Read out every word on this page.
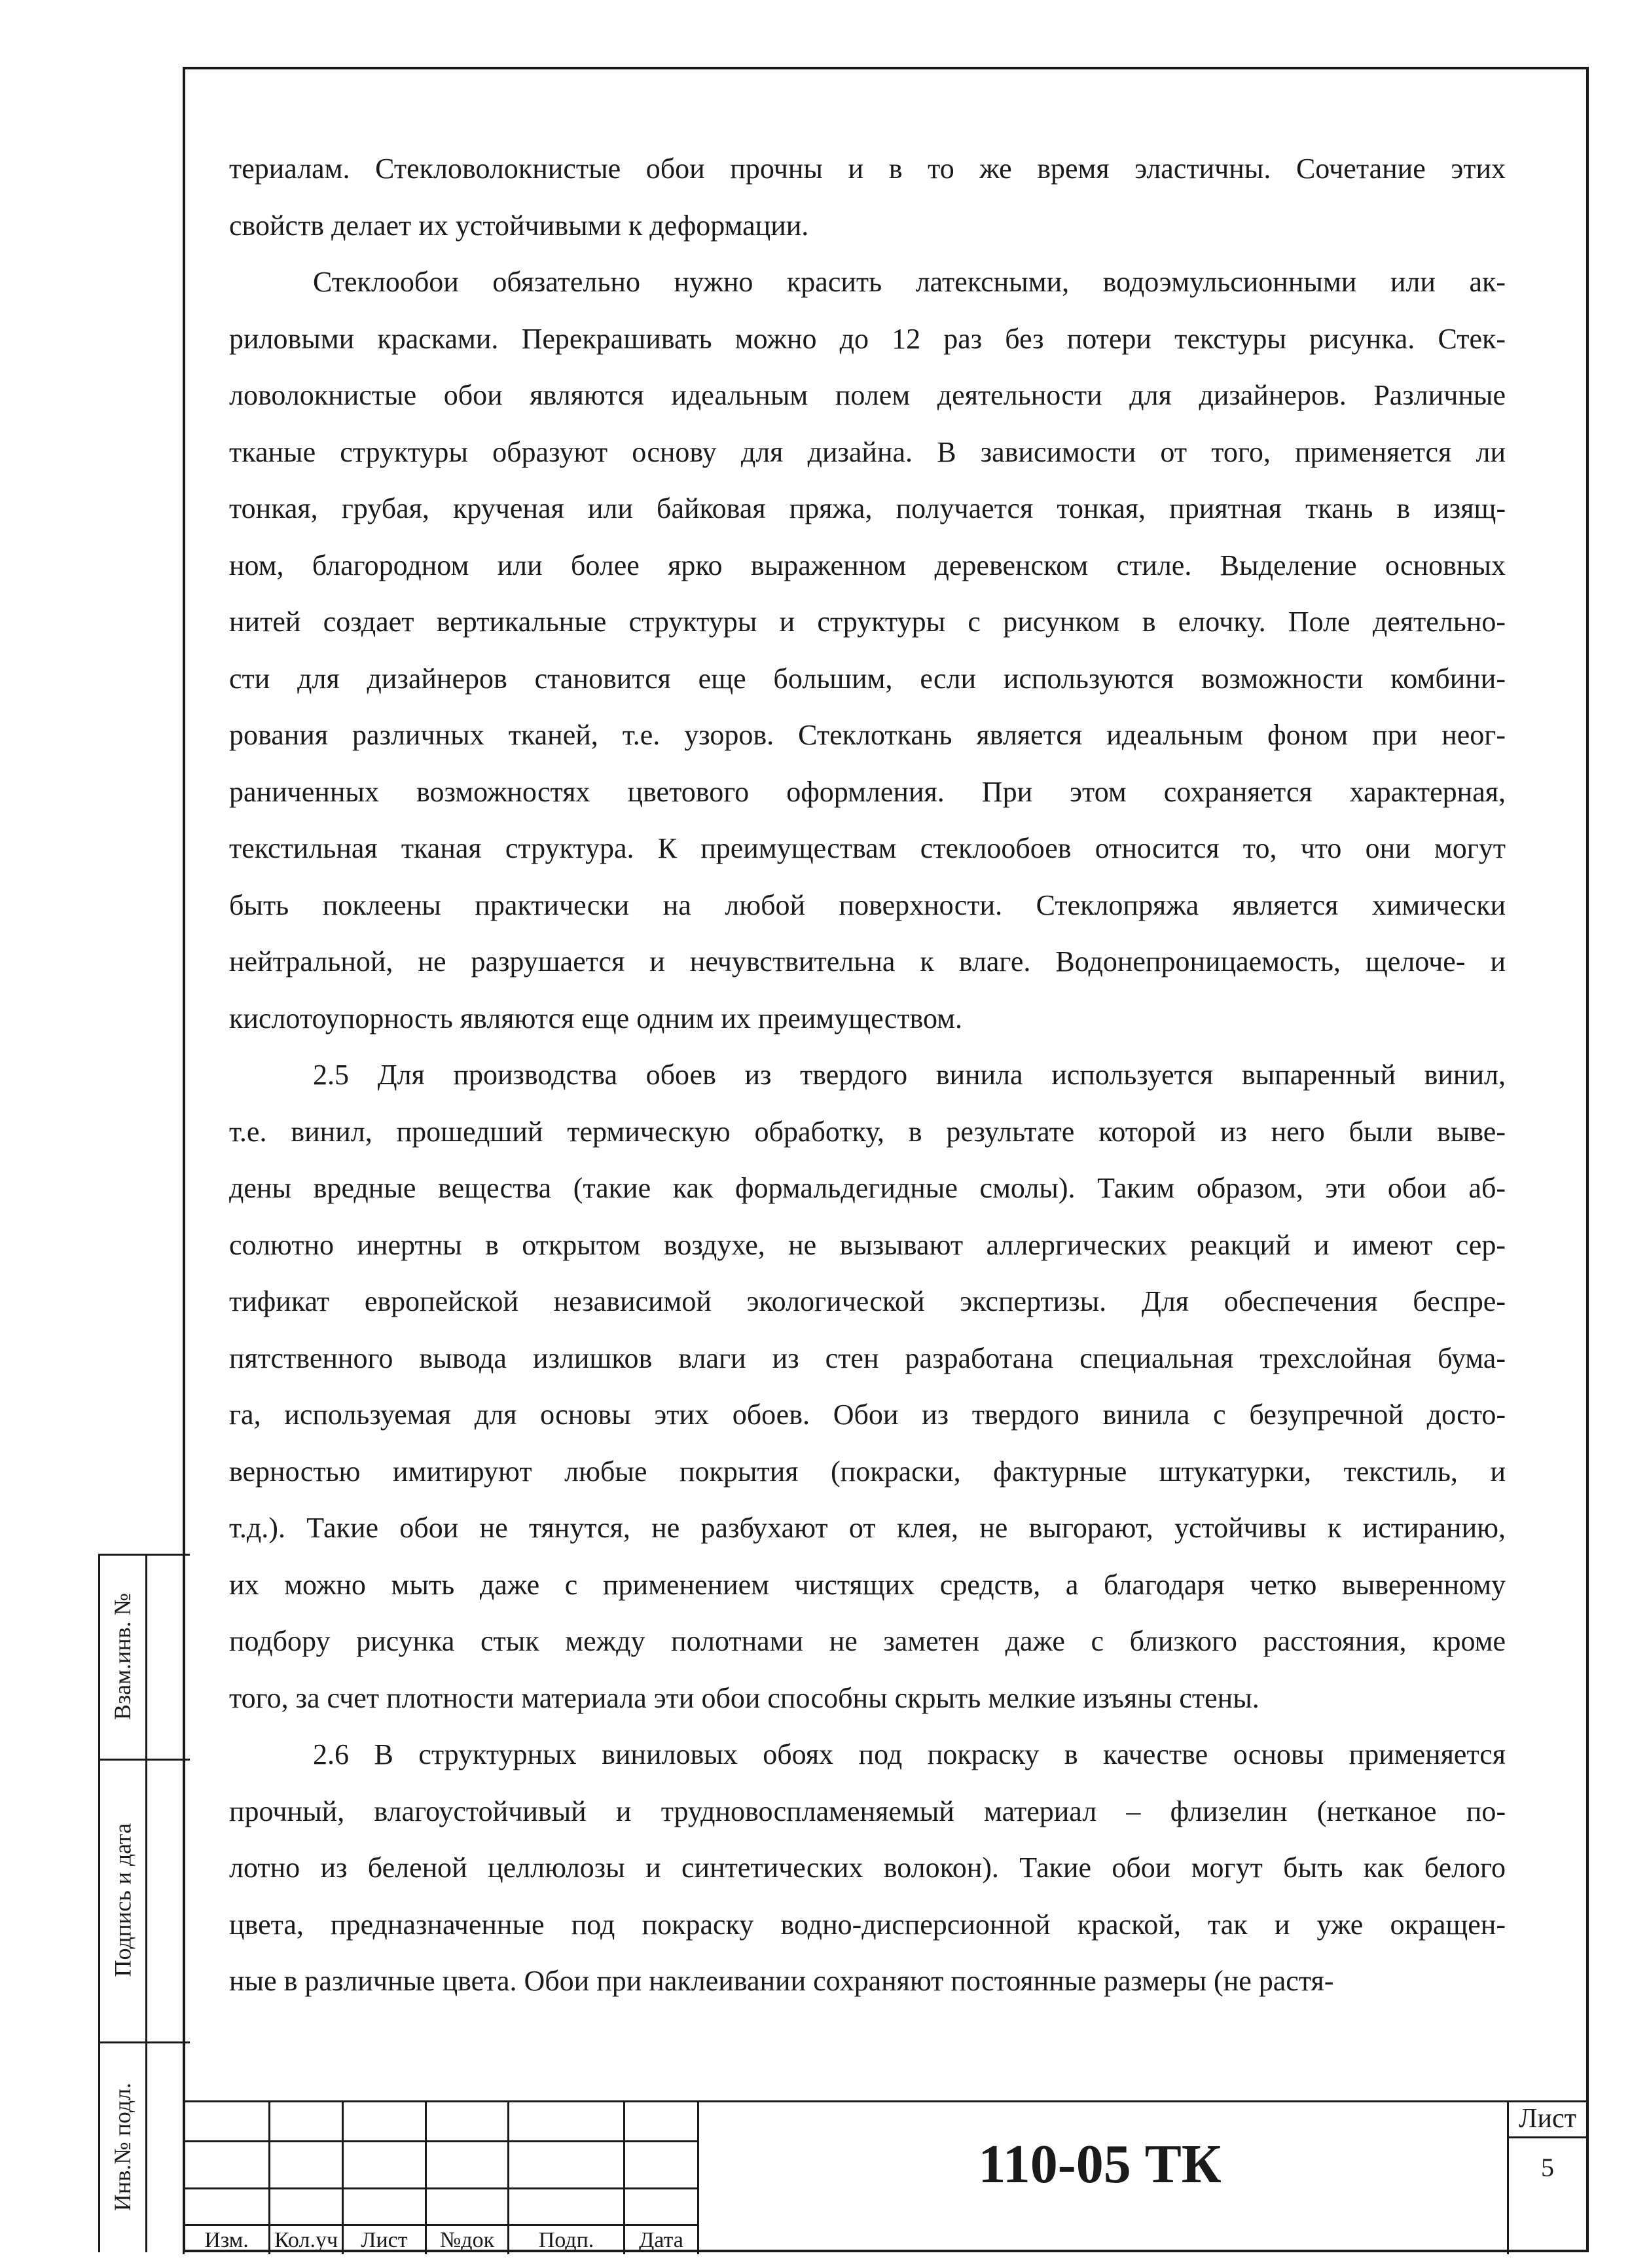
териалам. Стекловолокнистые обои прочны и в то же время эластичны. Сочетание этих
свойств делает их устойчивыми к деформации.

Стеклообои обязательно нужно красить латексными, водоэмульсионными или ак-
риловыми красками. Перекрашивать можно до 12 раз без потери текстуры рисунка. Стек-
ловолокнистые обои являются идеальным полем деятельности для дизайнеров. Различные
тканые структуры образуют основу для дизайна. В зависимости от того, применяется ли
тонкая, грубая, крученая или байковая пряжа, получается тонкая, приятная ткань в изящ-
ном, благородном или более ярко выраженном деревенском стиле. Выделение основных
нитей создает вертикальные структуры и структуры с рисунком в елочку. Поле деятельно-
сти для дизайнеров становится еще большим, если используются возможности комбини-
рования различных тканей, т.е. узоров. Стеклоткань является идеальным фоном при неог-
раниченных возможностях цветового оформления. При этом сохраняется характерная,
текстильная тканая структура. К преимуществам стеклообоев относится то, что они могут
быть поклеены практически на любой поверхности. Стеклопряжа является химически
нейтральной, не разрушается и нечувствительна к влаге. Водонепроницаемость, щелоче- и
кислотоупорность являются еще одним их преимуществом.

2.5 Для производства обоев из твердого винила используется выпаренный винил,
т.е. винил, прошедший термическую обработку, в результате которой из него были выве-
дены вредные вещества (такие как формальдегидные смолы). Таким образом, эти обои аб-
солютно инертны в открытом воздухе, не вызывают аллергических реакций и имеют сер-
тификат европейской независимой экологической экспертизы. Для обеспечения беспре-
пятственного вывода излишков влаги из стен разработана специальная трехслойная бума-
га, используемая для основы этих обоев. Обои из твердого винила с безупречной досто-
верностью имитируют любые покрытия (покраски, фактурные штукатурки, текстиль, и
т.д.). Такие обои не тянутся, не разбухают от клея, не выгорают, устойчивы к истиранию,
их можно мыть даже с применением чистящих средств, а благодаря четко выверенному
подбору рисунка стык между полотнами не заметен даже с близкого расстояния, кроме
того, за счет плотности материала эти обои способны скрыть мелкие изъяны стены.

2.6 В структурных виниловых обоях под покраску в качестве основы применяется
прочный, влагоустойчивый и трудновоспламеняемый материал – флизелин (нетканое по-
лотно из беленой целлюлозы и синтетических волокон). Такие обои могут быть как белого
цвета, предназначенные под покраску водно-дисперсионной краской, так и уже окращен-
ные в различные цвета. Обои при наклеивании сохраняют постоянные размеры (не растя-

Взам.инв. №
Подпись и дата
Инв.№ подл.
Изм.	Кол.уч	Лист	№док	Подп.	Дата
110-05 ТК
Лист
5
